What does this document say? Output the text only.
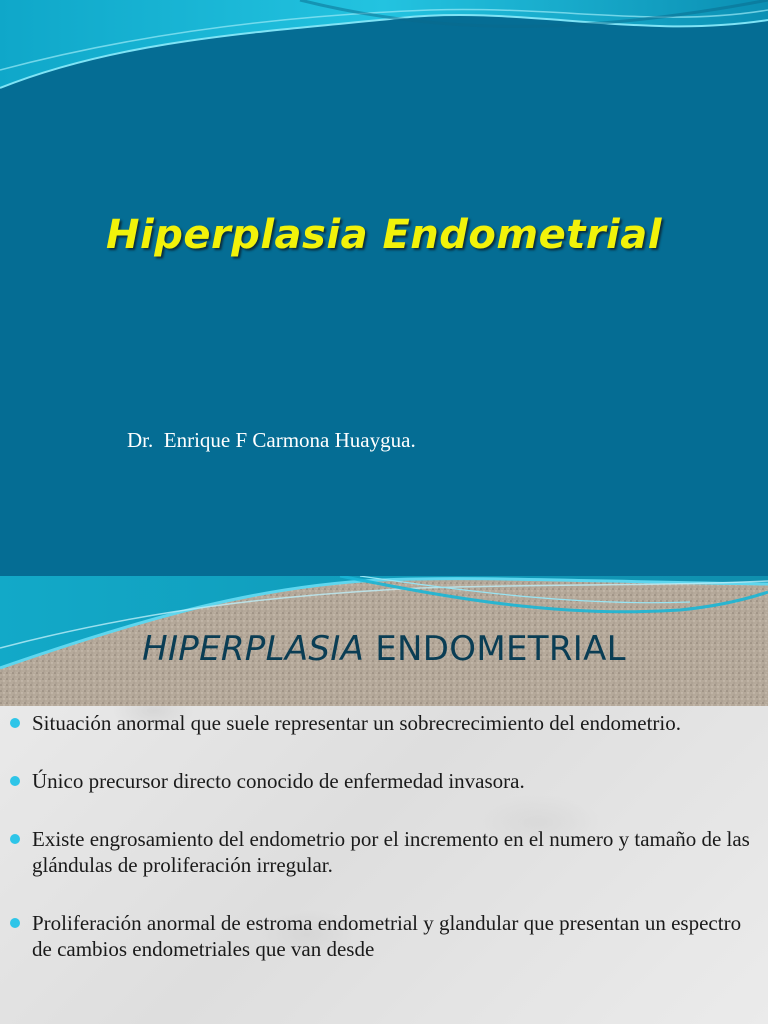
Hiperplasia Endometrial
Dr.  Enrique F Carmona Huaygua.
HIPERPLASIA ENDOMETRIAL
Situación anormal que suele representar un sobrecrecimiento del endometrio.
Único precursor directo conocido de enfermedad invasora.
Existe engrosamiento del endometrio por el incremento en el numero y tamaño de las glándulas de proliferación irregular.
Proliferación anormal de estroma endometrial y glandular que presentan un espectro de cambios endometriales que van desde
